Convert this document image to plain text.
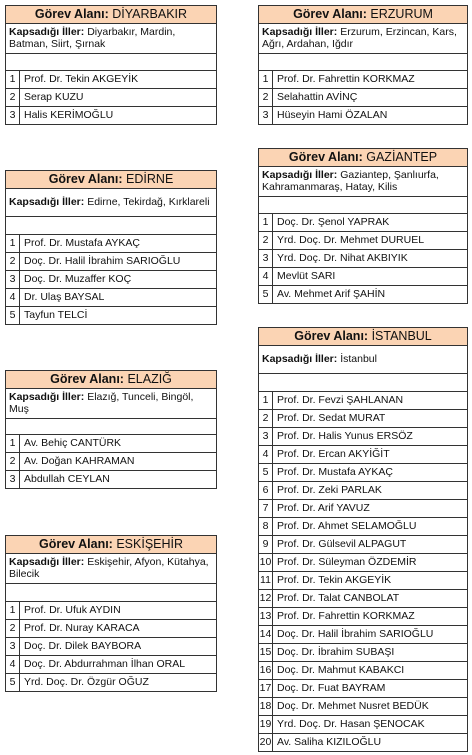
Görev Alanı: DİYARBAKIR
Kapsadığı İller: Diyarbakır, Mardin, Batman, Siirt, Şırnak
1 Prof. Dr. Tekin AKGEYİK
2 Serap KUZU
3 Halis KERİMOĞLU
Görev Alanı: ERZURUM
Kapsadığı İller: Erzurum, Erzincan, Kars, Ağrı, Ardahan, Iğdır
1 Prof. Dr. Fahrettin KORKMAZ
2 Selahattin AVİNÇ
3 Hüseyin Hami ÖZALAN
Görev Alanı: EDİRNE
Kapsadığı İller: Edirne, Tekirdağ, Kırklareli
1 Prof. Dr. Mustafa AYKAÇ
2 Doç. Dr. Halil İbrahim SARIOĞLU
3 Doç. Dr. Muzaffer KOÇ
4 Dr. Ulaş BAYSAL
5 Tayfun TELCİ
Görev Alanı: GAZİANTEP
Kapsadığı İller: Gaziantep, Şanlıurfa, Kahramanmaraş, Hatay, Kilis
1 Doç. Dr. Şenol YAPRAK
2 Yrd. Doç. Dr. Mehmet DURUEL
3 Yrd. Doç. Dr. Nihat AKBIYIK
4 Mevlüt SARI
5 Av. Mehmet Arif ŞAHİN
Görev Alanı: İSTANBUL
Kapsadığı İller: İstanbul
1 Prof. Dr. Fevzi ŞAHLANAN
2 Prof. Dr. Sedat MURAT
3 Prof. Dr. Halis Yunus ERSÖZ
4 Prof. Dr. Ercan AKYİĞİT
5 Prof. Dr. Mustafa AYKAÇ
6 Prof. Dr. Zeki PARLAK
7 Prof. Dr. Arif YAVUZ
8 Prof. Dr. Ahmet SELAMOĞLU
9 Prof. Dr. Gülsevil ALPAGUT
10 Prof. Dr. Süleyman ÖZDEMİR
11 Prof. Dr. Tekin AKGEYİK
12 Prof. Dr. Talat CANBOLAT
13 Prof. Dr. Fahrettin KORKMAZ
14 Doç. Dr. Halil İbrahim SARIOĞLU
15 Doç. Dr. İbrahim SUBAŞI
16 Doç. Dr. Mahmut KABAKCI
17 Doç. Dr. Fuat BAYRAM
18 Doç. Dr. Mehmet Nusret BEDÜK
19 Yrd. Doç. Dr. Hasan ŞENOCAK
20 Av. Saliha KIZILOĞLU
Görev Alanı: ELAZIĞ
Kapsadığı İller: Elazığ, Tunceli, Bingöl, Muş
1 Av. Behiç CANTÜRK
2 Av. Doğan KAHRAMAN
3 Abdullah CEYLAN
Görev Alanı: ESKİŞEHİR
Kapsadığı İller: Eskişehir, Afyon, Kütahya, Bilecik
1 Prof. Dr. Ufuk AYDIN
2 Prof. Dr. Nuray KARACA
3 Doç. Dr. Dilek BAYBORA
4 Doç. Dr. Abdurrahman İlhan ORAL
5 Yrd. Doç. Dr. Özgür OĞUZ
